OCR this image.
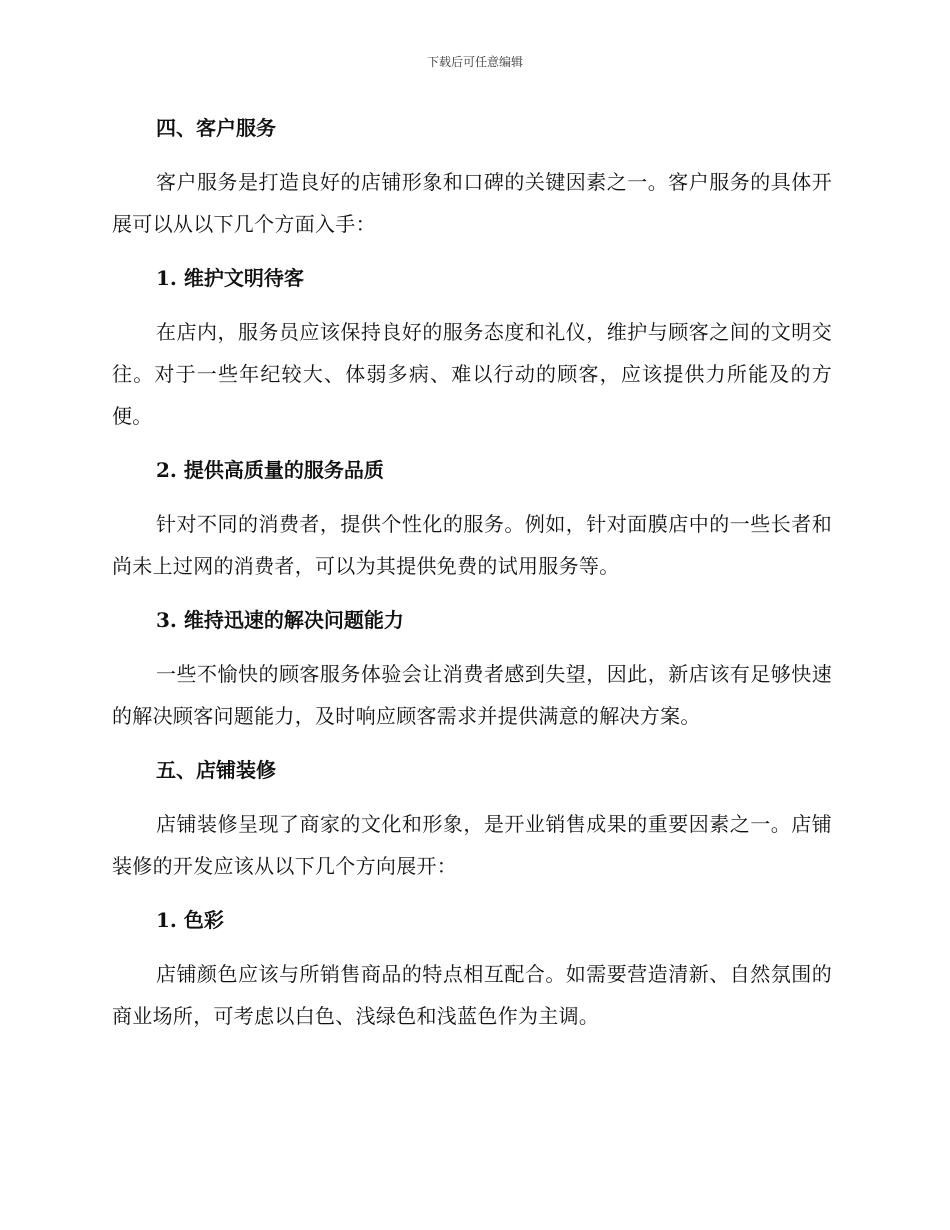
下载后可任意编辑
四、客户服务
客户服务是打造良好的店铺形象和口碑的关键因素之一。客户服务的具体开展可以从以下几个方面入手：
1. 维护文明待客
在店内，服务员应该保持良好的服务态度和礼仪，维护与顾客之间的文明交往。对于一些年纪较大、体弱多病、难以行动的顾客，应该提供力所能及的方便。
2. 提供高质量的服务品质
针对不同的消费者，提供个性化的服务。例如，针对面膜店中的一些长者和尚未上过网的消费者，可以为其提供免费的试用服务等。
3. 维持迅速的解决问题能力
一些不愉快的顾客服务体验会让消费者感到失望，因此，新店该有足够快速的解决顾客问题能力，及时响应顾客需求并提供满意的解决方案。
五、店铺装修
店铺装修呈现了商家的文化和形象，是开业销售成果的重要因素之一。店铺装修的开发应该从以下几个方向展开：
1. 色彩
店铺颜色应该与所销售商品的特点相互配合。如需要营造清新、自然氛围的商业场所，可考虑以白色、浅绿色和浅蓝色作为主调。
